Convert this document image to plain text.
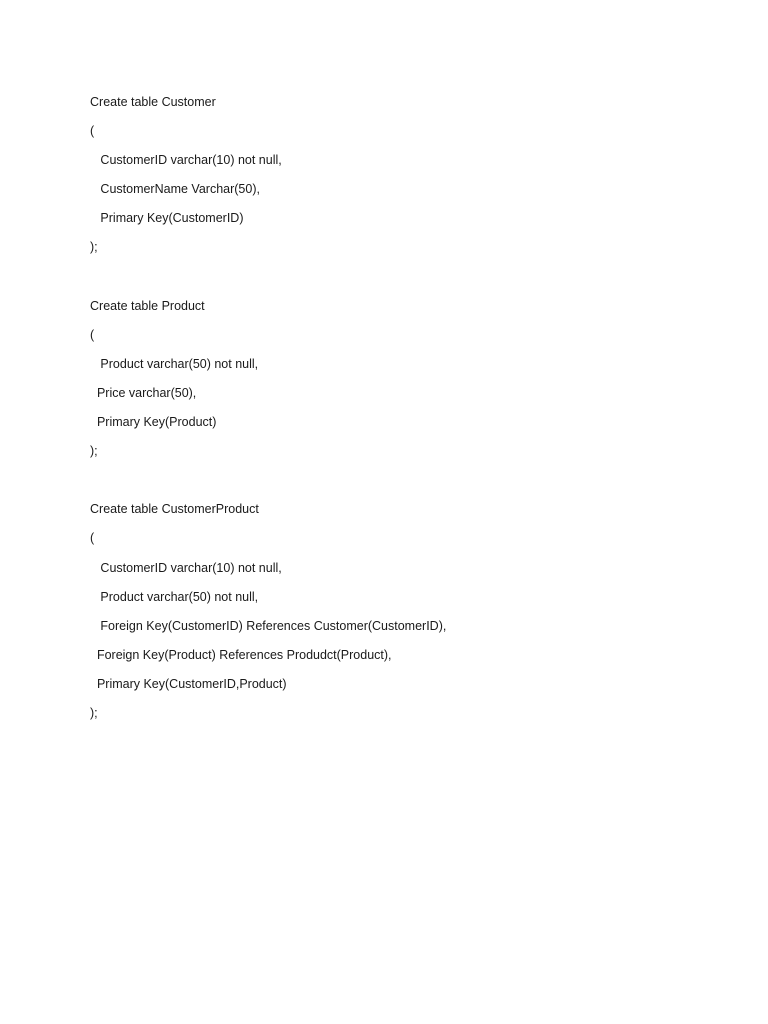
Create table Customer
(
CustomerID varchar(10) not null,
CustomerName Varchar(50),
Primary Key(CustomerID)
);
Create table Product
(
Product varchar(50) not null,
Price varchar(50),
Primary Key(Product)
);
Create table CustomerProduct
(
CustomerID varchar(10) not null,
Product varchar(50) not null,
Foreign Key(CustomerID) References Customer(CustomerID),
Foreign Key(Product) References Produdct(Product),
Primary Key(CustomerID,Product)
);
